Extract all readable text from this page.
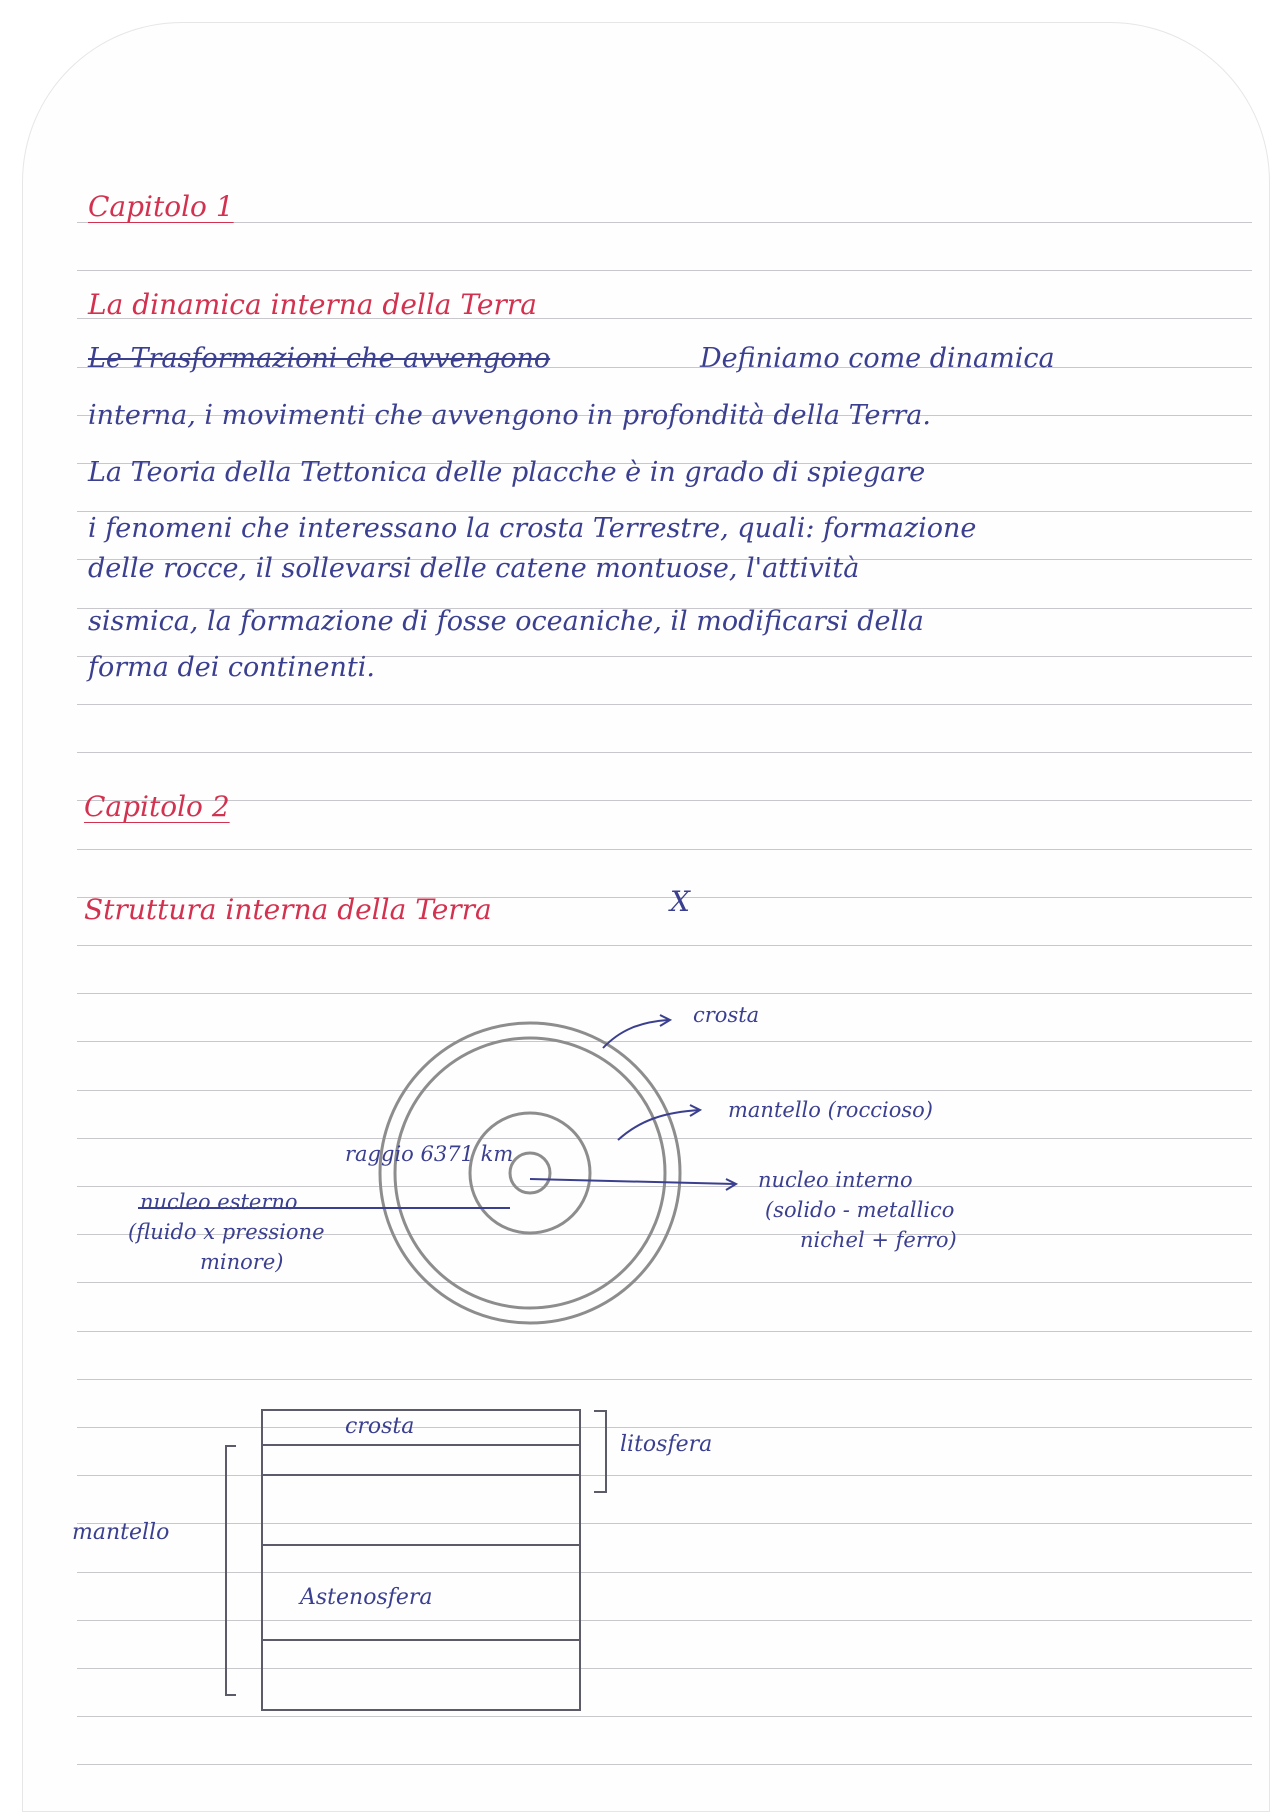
Capitolo 1
La dinamica interna della Terra
Le Trasformazioni che avvengono	Definiamo come dinamica
interna, i movimenti che avvengono in profondità della Terra.
La Teoria della Tettonica delle placche è in grado di spiegare
i fenomeni che interessano la crosta Terrestre, quali: formazione
delle rocce, il sollevarsi delle catene montuose, l'attività
sismica, la formazione di fosse oceaniche, il modificarsi della
forma dei continenti.
Capitolo 2
Struttura interna della Terra	X
crosta
mantello (roccioso)
raggio 6371 km
nucleo esterno
(fluido x pressione
minore)
nucleo interno
(solido - metallico
nichel + ferro)
crosta
litosfera
mantello
Astenosfera
